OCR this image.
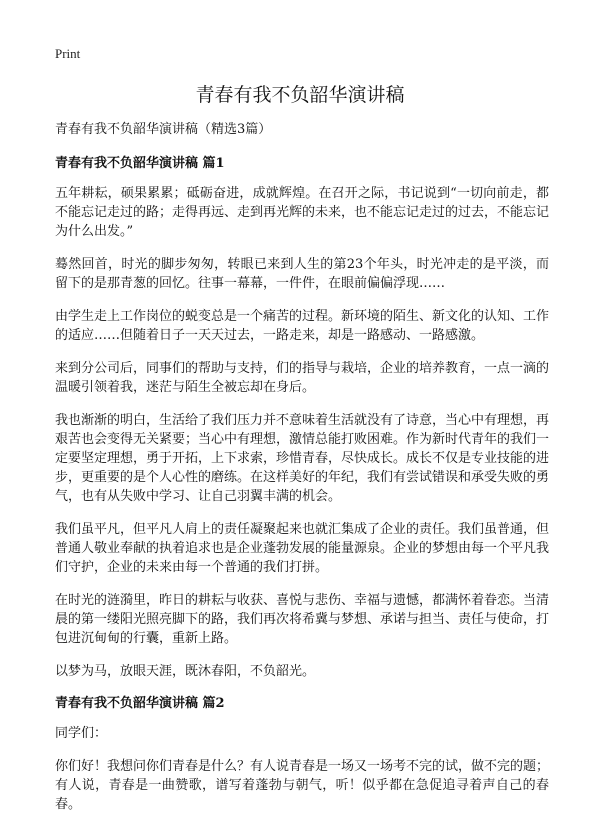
Print
青春有我不负韶华演讲稿

青春有我不负韶华演讲稿（精选3篇）

青春有我不负韶华演讲稿 篇1

五年耕耘，硕果累累；砥砺奋进，成就辉煌。在召开之际，书记说到“一切向前走，都不能忘记走过的路；走得再远、走到再光辉的未来，也不能忘记走过的过去，不能忘记为什么出发。”

蓦然回首，时光的脚步匆匆，转眼已来到人生的第23个年头，时光冲走的是平淡，而留下的是那青葱的回忆。往事一幕幕，一件件，在眼前偏偏浮现……

由学生走上工作岗位的蜕变总是一个痛苦的过程。新环境的陌生、新文化的认知、工作的适应……但随着日子一天天过去，一路走来，却是一路感动、一路感激。

来到分公司后，同事们的帮助与支持，们的指导与栽培，企业的培养教育，一点一滴的温暖引领着我，迷茫与陌生全被忘却在身后。

我也渐渐的明白，生活给了我们压力并不意味着生活就没有了诗意，当心中有理想，再艰苦也会变得无关紧要；当心中有理想，激情总能打败困难。作为新时代青年的我们一定要坚定理想，勇于开拓，上下求索，珍惜青春，尽快成长。成长不仅是专业技能的进步，更重要的是个人心性的磨练。在这样美好的年纪，我们有尝试错误和承受失败的勇气，也有从失败中学习、让自己羽翼丰满的机会。

我们虽平凡，但平凡人肩上的责任凝聚起来也就汇集成了企业的责任。我们虽普通，但普通人敬业奉献的执着追求也是企业蓬勃发展的能量源泉。企业的梦想由每一个平凡我们守护，企业的未来由每一个普通的我们打拼。

在时光的涟漪里，昨日的耕耘与收获、喜悦与悲伤、幸福与遗憾，都满怀着眷恋。当清晨的第一缕阳光照亮脚下的路，我们再次将希冀与梦想、承诺与担当、责任与使命，打包进沉甸甸的行囊，重新上路。

以梦为马，放眼天涯，既沐春阳，不负韶光。

青春有我不负韶华演讲稿 篇2

同学们：

你们好！我想问你们青春是什么？有人说青春是一场又一场考不完的试，做不完的题；有人说，青春是一曲赞歌，谱写着蓬勃与朝气，听！似乎都在急促追寻着声自己的春春。
